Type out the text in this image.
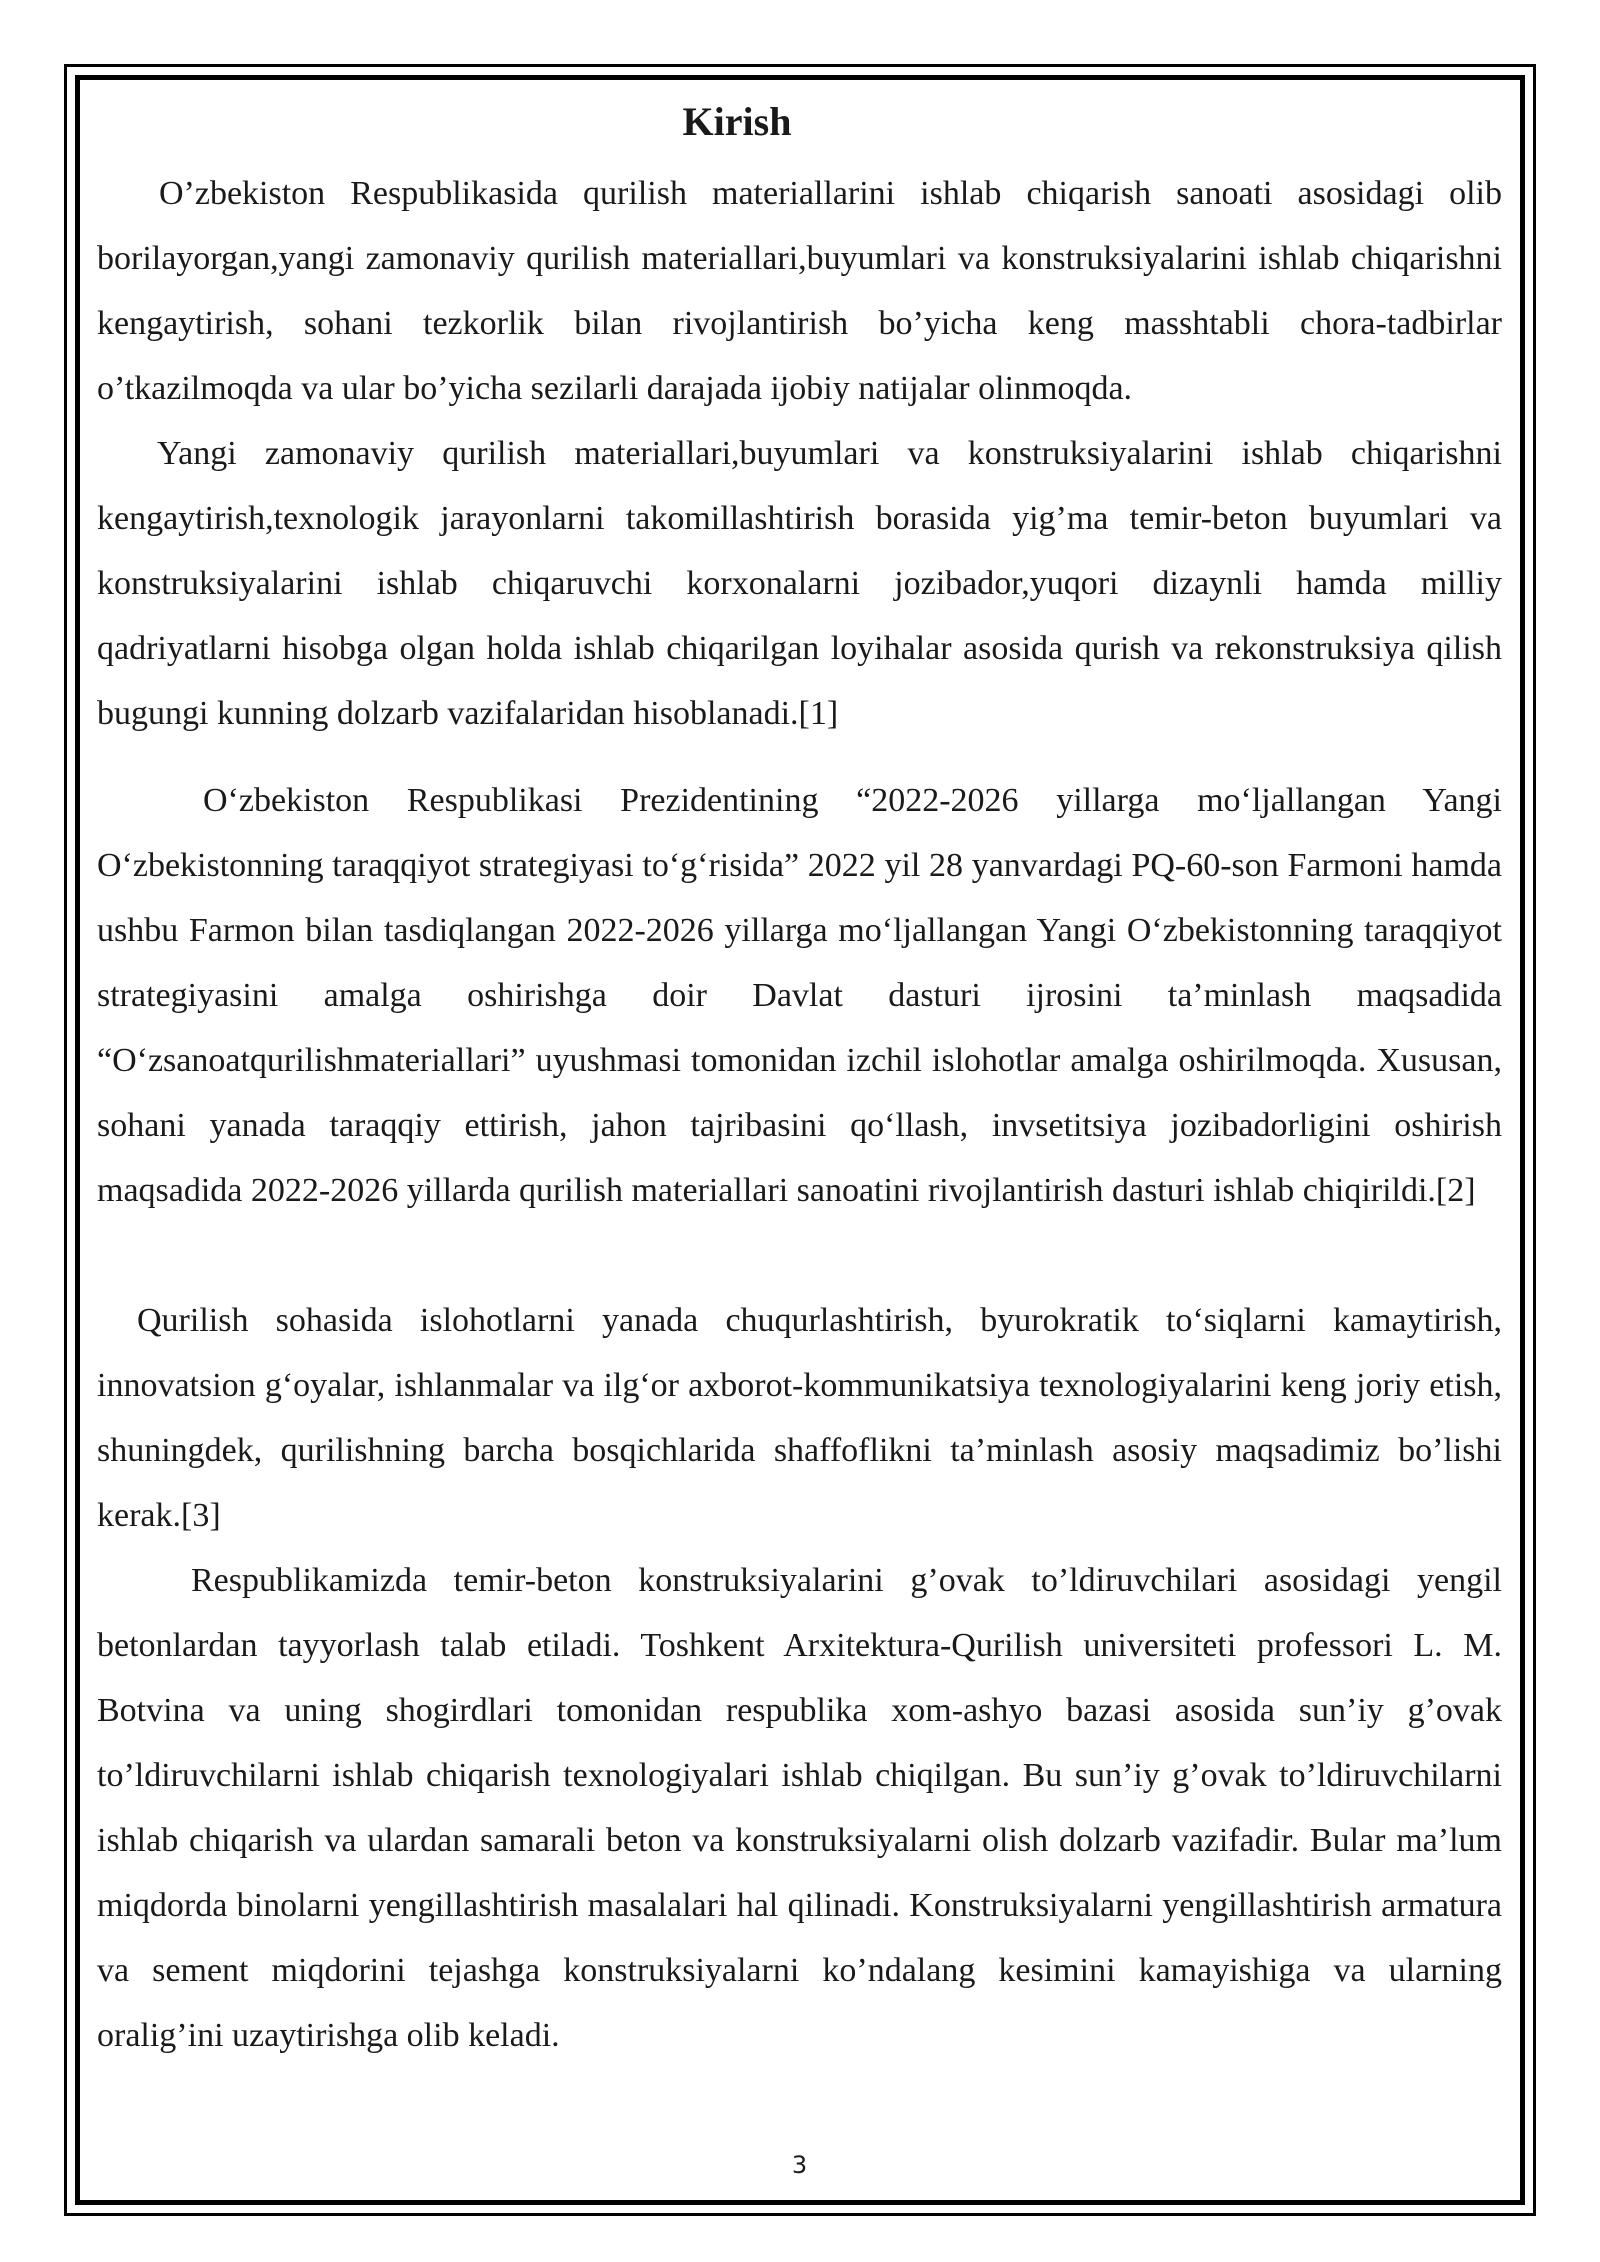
Kirish

O’zbekiston Respublikasida qurilish materiallarini ishlab chiqarish sanoati asosidagi olib borilayorgan,yangi zamonaviy qurilish materiallari,buyumlari va konstruksiyalarini ishlab chiqarishni kengaytirish, sohani tezkorlik bilan rivojlantirish bo’yicha keng masshtabli chora-tadbirlar o’tkazilmoqda va ular bo’yicha sezilarli darajada ijobiy natijalar olinmoqda.

Yangi zamonaviy qurilish materiallari,buyumlari va konstruksiyalarini ishlab chiqarishni kengaytirish,texnologik jarayonlarni takomillashtirish borasida yig’ma temir-beton buyumlari va konstruksiyalarini ishlab chiqaruvchi korxonalarni jozibador,yuqori dizaynli hamda milliy qadriyatlarni hisobga olgan holda ishlab chiqarilgan loyihalar asosida qurish va rekonstruksiya qilish bugungi kunning dolzarb vazifalaridan hisoblanadi.[1]

O‘zbekiston Respublikasi Prezidentining “2022-2026 yillarga mo‘ljallangan Yangi O‘zbekistonning taraqqiyot strategiyasi to‘g‘risida” 2022 yil 28 yanvardagi PQ-60-son Farmoni hamda ushbu Farmon bilan tasdiqlangan 2022-2026 yillarga mo‘ljallangan Yangi O‘zbekistonning taraqqiyot strategiyasini amalga oshirishga doir Davlat dasturi ijrosini ta’minlash maqsadida “O‘zsanoatqurilishmateriallari” uyushmasi tomonidan izchil islohotlar amalga oshirilmoqda. Xususan, sohani yanada taraqqiy ettirish, jahon tajribasini qo‘llash, invsetitsiya jozibadorligini oshirish maqsadida 2022-2026 yillarda qurilish materiallari sanoatini rivojlantirish dasturi ishlab chiqirildi.[2]

Qurilish sohasida islohotlarni yanada chuqurlashtirish, byurokratik to‘siqlarni kamaytirish, innovatsion g‘oyalar, ishlanmalar va ilg‘or axborot-kommunikatsiya texnologiyalarini keng joriy etish, shuningdek, qurilishning barcha bosqichlarida shaffoflikni ta’minlash asosiy maqsadimiz bo’lishi kerak.[3]

Respublikamizda temir-beton konstruksiyalarini g’ovak to’ldiruvchilari asosidagi yengil betonlardan tayyorlash talab etiladi. Toshkent Arxitektura-Qurilish universiteti professori L. M. Botvina va uning shogirdlari tomonidan respublika xom-ashyo bazasi asosida sun’iy g’ovak to’ldiruvchilarni ishlab chiqarish texnologiyalari ishlab chiqilgan. Bu sun’iy g’ovak to’ldiruvchilarni ishlab chiqarish va ulardan samarali beton va konstruksiyalarni olish dolzarb vazifadir. Bular ma’lum miqdorda binolarni yengillashtirish masalalari hal qilinadi. Konstruksiyalarni yengillashtirish armatura va sement miqdorini tejashga konstruksiyalarni ko’ndalang kesimini kamayishiga va ularning oralig’ini uzaytirishga olib keladi.

3
